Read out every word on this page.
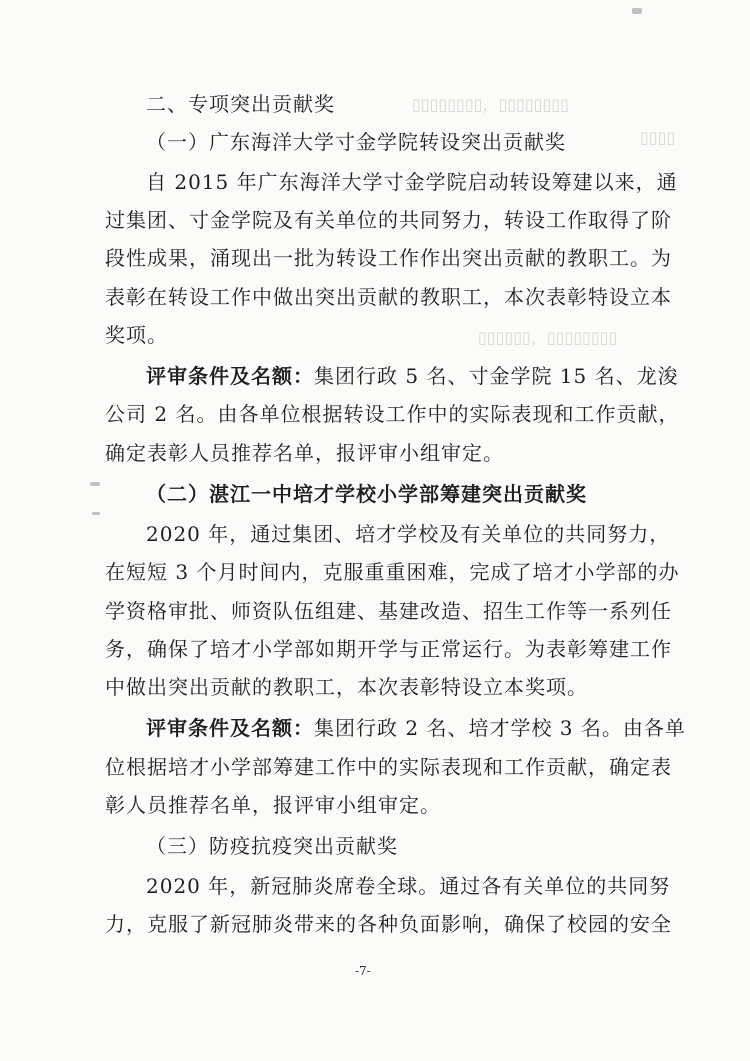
▯▯▯▯▯▯▯▯，▯▯▯▯▯▯▯▯
▯▯▯▯
▯▯▯▯▯▯，▯▯▯▯▯▯▯▯
二、专项突出贡献奖
（一）广东海洋大学寸金学院转设突出贡献奖
自 2015 年广东海洋大学寸金学院启动转设筹建以来，通
过集团、寸金学院及有关单位的共同努力，转设工作取得了阶
段性成果，涌现出一批为转设工作作出突出贡献的教职工。为
表彰在转设工作中做出突出贡献的教职工，本次表彰特设立本
奖项。
评审条件及名额：集团行政 5 名、寸金学院 15 名、龙浚
公司 2 名。由各单位根据转设工作中的实际表现和工作贡献，
确定表彰人员推荐名单，报评审小组审定。
（二）湛江一中培才学校小学部筹建突出贡献奖
2020 年，通过集团、培才学校及有关单位的共同努力，
在短短 3 个月时间内，克服重重困难，完成了培才小学部的办
学资格审批、师资队伍组建、基建改造、招生工作等一系列任
务，确保了培才小学部如期开学与正常运行。为表彰筹建工作
中做出突出贡献的教职工，本次表彰特设立本奖项。
评审条件及名额：集团行政 2 名、培才学校 3 名。由各单
位根据培才小学部筹建工作中的实际表现和工作贡献，确定表
彰人员推荐名单，报评审小组审定。
（三）防疫抗疫突出贡献奖
2020 年，新冠肺炎席卷全球。通过各有关单位的共同努
力，克服了新冠肺炎带来的各种负面影响，确保了校园的安全
-7-
